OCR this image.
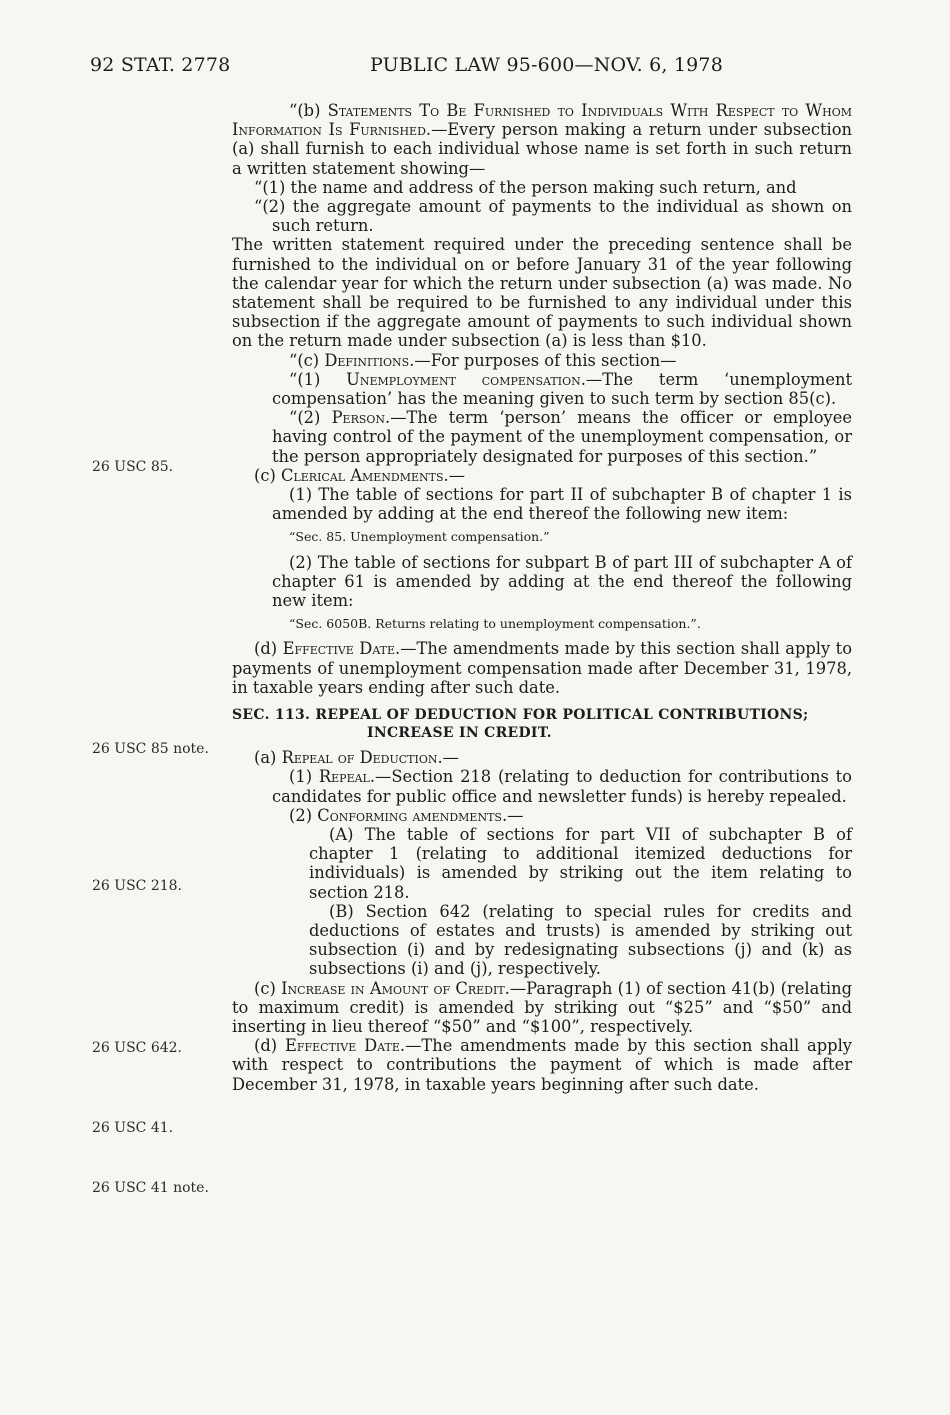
92 STAT. 2778	PUBLIC LAW 95-600—NOV. 6, 1978
26 USC 85.
26 USC 85 note.
26 USC 218.
26 USC 642.
26 USC 41.
26 USC 41 note.

“(b) Statements To Be Furnished to Individuals With Respect to Whom Information Is Furnished.—Every person making a return under subsection (a) shall furnish to each individual whose name is set forth in such return a written statement showing—

“(1) the name and address of the person making such return, and

“(2) the aggregate amount of payments to the individual as shown on such return.

The written statement required under the preceding sentence shall be furnished to the individual on or before January 31 of the year following the calendar year for which the return under subsection (a) was made. No statement shall be required to be furnished to any individual under this subsection if the aggregate amount of payments to such individual shown on the return made under subsection (a) is less than $10.

“(c) Definitions.—For purposes of this section—

“(1) Unemployment compensation.—The term ‘unemployment compensation’ has the meaning given to such term by section 85(c).

“(2) Person.—The term ‘person’ means the officer or employee having control of the payment of the unemployment compensation, or the person appropriately designated for purposes of this section.”

(c) Clerical Amendments.—

(1) The table of sections for part II of subchapter B of chapter 1 is amended by adding at the end thereof the following new item:

“Sec. 85. Unemployment compensation.”

(2) The table of sections for subpart B of part III of subchapter A of chapter 61 is amended by adding at the end thereof the following new item:

“Sec. 6050B. Returns relating to unemployment compensation.”.

(d) Effective Date.—The amendments made by this section shall apply to payments of unemployment compensation made after December 31, 1978, in taxable years ending after such date.

SEC. 113. REPEAL OF DEDUCTION FOR POLITICAL CONTRIBUTIONS;
INCREASE IN CREDIT.

(a) Repeal of Deduction.—

(1) Repeal.—Section 218 (relating to deduction for contributions to candidates for public office and newsletter funds) is hereby repealed.

(2) Conforming amendments.—

(A) The table of sections for part VII of subchapter B of chapter 1 (relating to additional itemized deductions for individuals) is amended by striking out the item relating to section 218.

(B) Section 642 (relating to special rules for credits and deductions of estates and trusts) is amended by striking out subsection (i) and by redesignating subsections (j) and (k) as subsections (i) and (j), respectively.

(c) Increase in Amount of Credit.—Paragraph (1) of section 41(b) (relating to maximum credit) is amended by striking out “$25” and “$50” and inserting in lieu thereof “$50” and “$100”, respectively.

(d) Effective Date.—The amendments made by this section shall apply with respect to contributions the payment of which is made after December 31, 1978, in taxable years beginning after such date.
